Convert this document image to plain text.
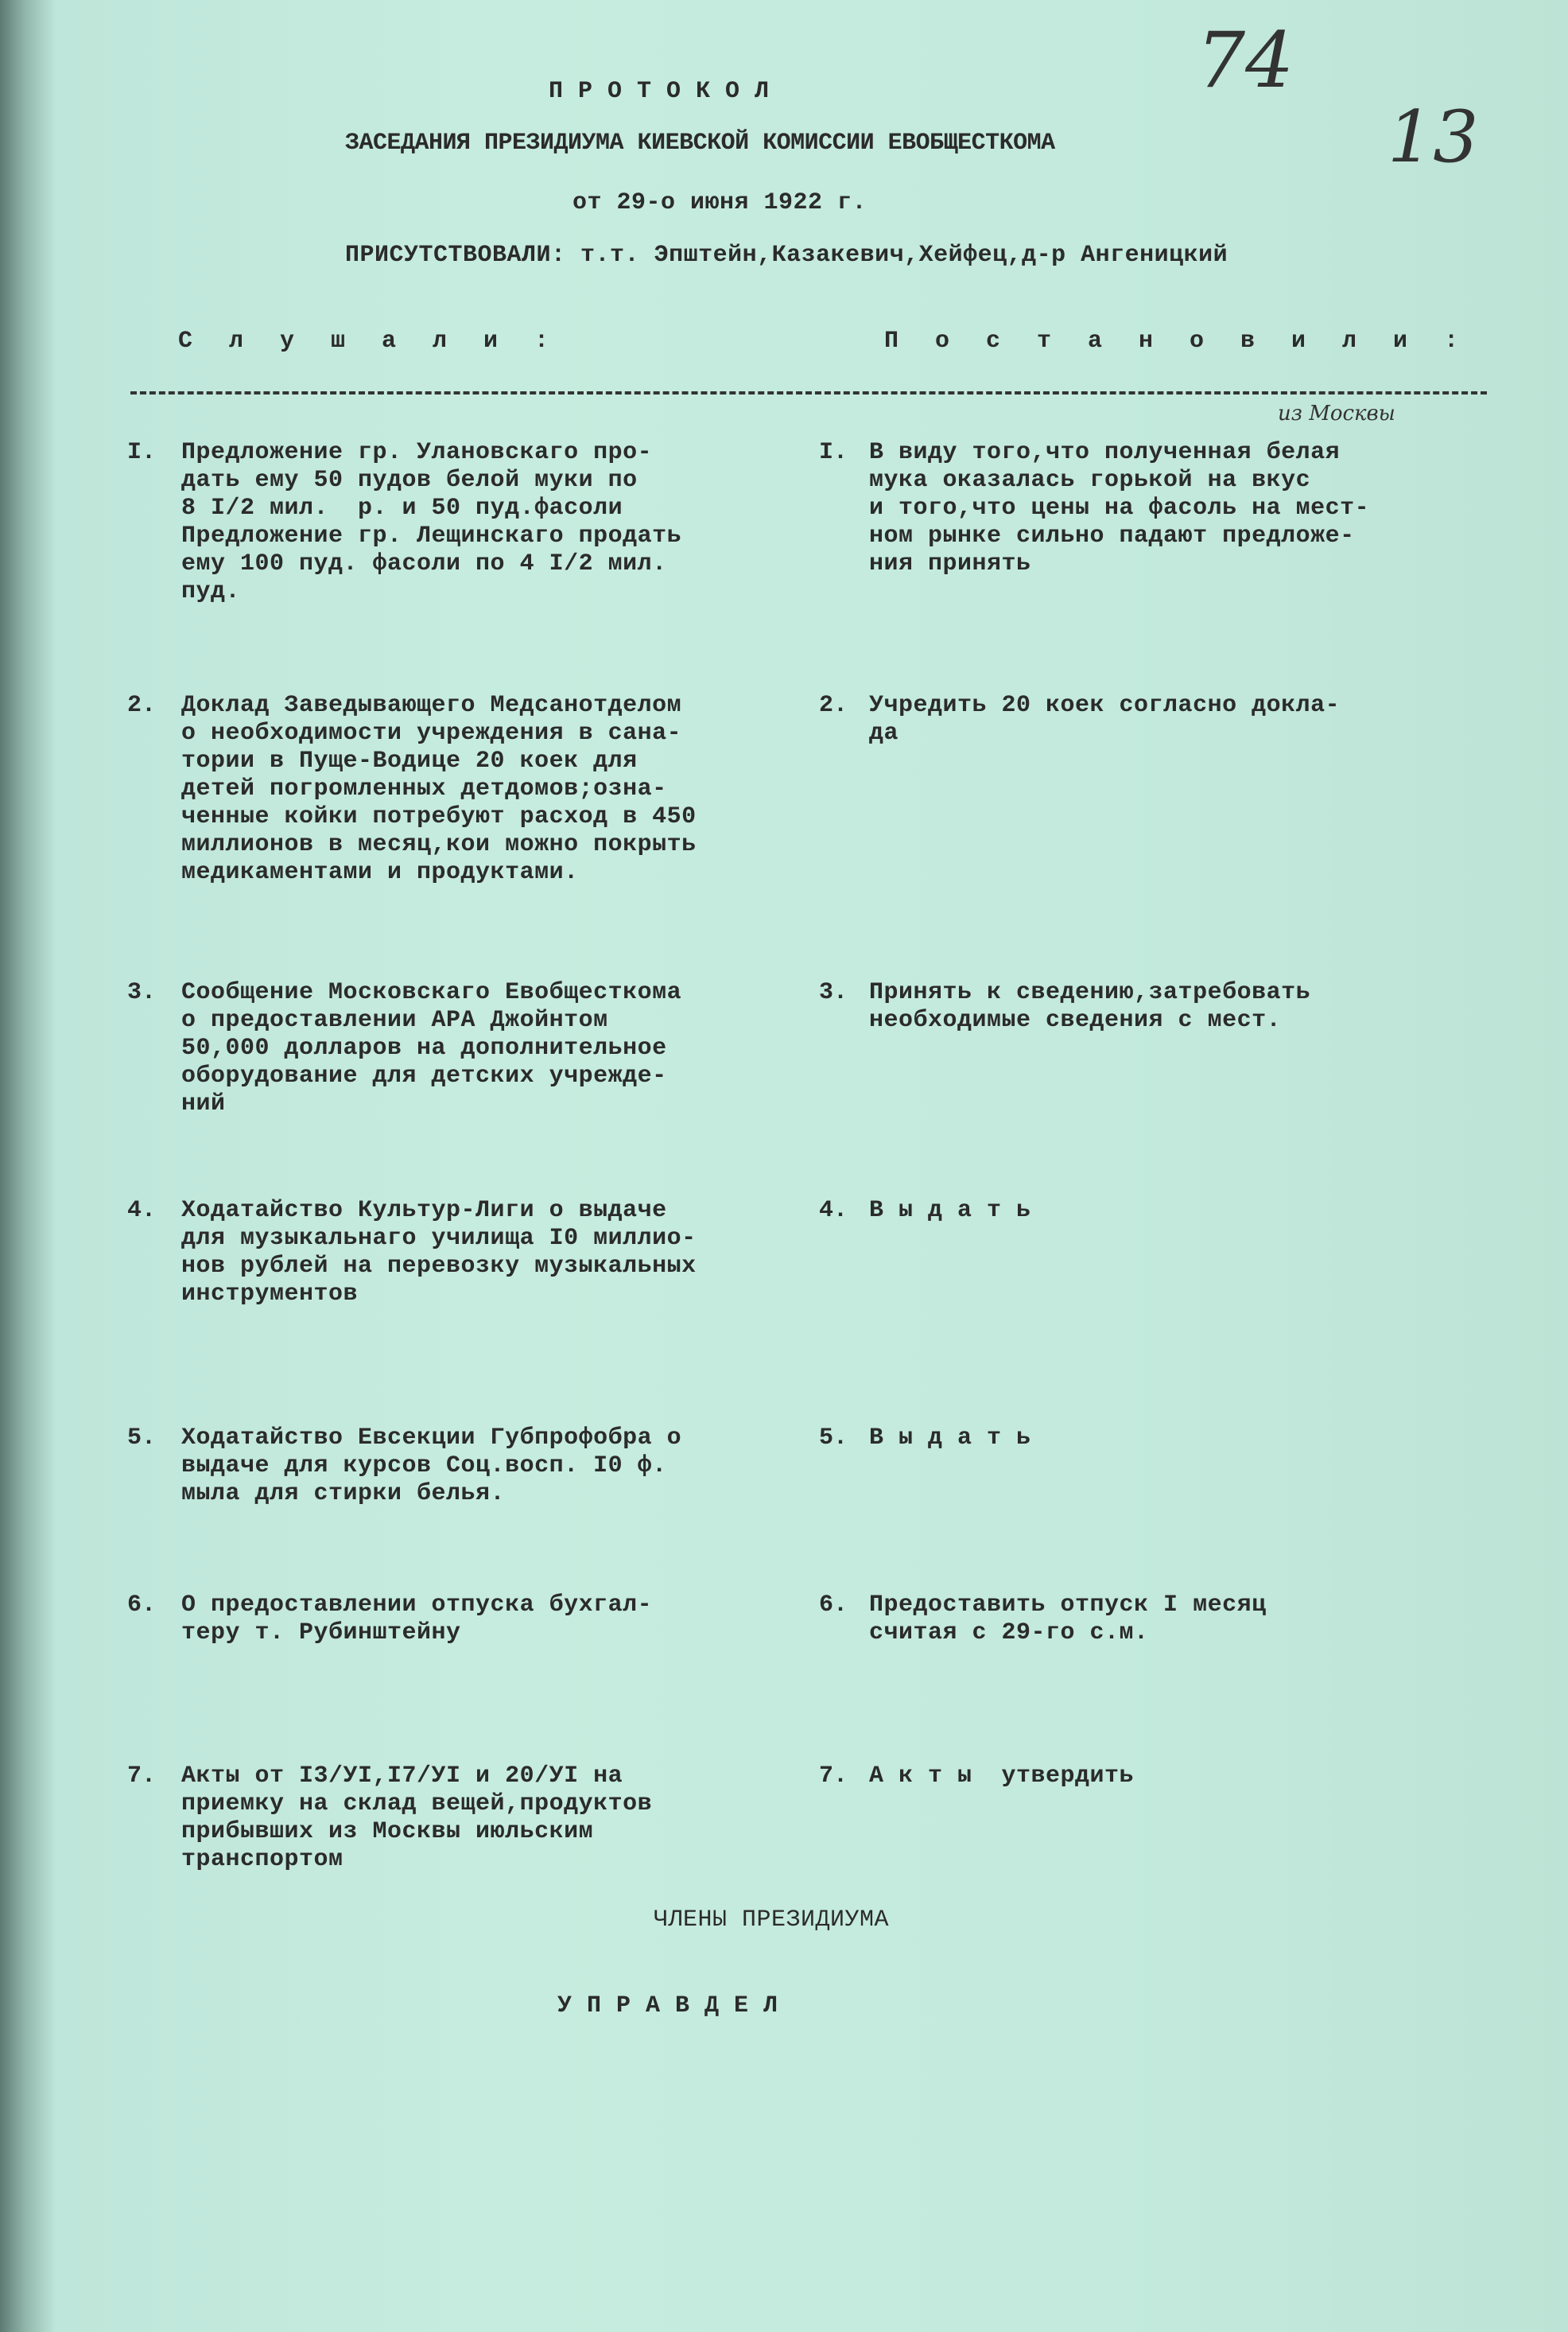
74
13
П Р О Т О К О Л
ЗАСЕДАНИЯ ПРЕЗИДИУМА КИЕВСКОЙ КОМИССИИ ЕВОБЩЕСТКОМА
от 29-о июня 1922 г.
ПРИСУТСТВОВАЛИ: т.т. Эпштейн,Казакевич,Хейфец,д-р Ангеницкий
С л у ш а л и :	П о с т а н о в и л и :
из Москвы
I. Предложение гр. Улановскаго про-
дать ему 50 пудов белой муки по
8 I/2 мил.  р. и 50 пуд.фасоли
Предложение гр. Лещинскаго продать
ему 100 пуд. фасоли по 4 I/2 мил.
пуд.
I. В виду того,что полученная белая
мука оказалась горькой на вкус
и того,что цены на фасоль на мест-
ном рынке сильно падают предложе-
ния принять
2. Доклад Заведывающего Медсанотделом
о необходимости учреждения в сана-
тории в Пуще-Водице 20 коек для
детей погромленных детдомов;озна-
ченные койки потребуют расход в 450
миллионов в месяц,кои можно покрыть
медикаментами и продуктами.
2. Учредить 20 коек согласно докла-
да
3. Сообщение Московскаго Евобщесткома
о предоставлении АРА Джойнтом
50,000 долларов на дополнительное
оборудование для детских учрежде-
ний
3. Принять к сведению,затребовать
необходимые сведения с мест.
4. Ходатайство Культур-Лиги о выдаче
для музыкальнаго училища I0 миллио-
нов рублей на перевозку музыкальных
инструментов
4. В ы д а т ь
5. Ходатайство Евсекции Губпрофобра о
выдаче для курсов Соц.восп. I0 ф.
мыла для стирки белья.
5. В ы д а т ь
6. О предоставлении отпуска бухгал-
теру т. Рубинштейну
6. Предоставить отпуск I месяц
считая с 29-го с.м.
7. Акты от I3/УI,I7/УI и 20/УI на
приемку на склад вещей,продуктов
прибывших из Москвы июльским
транспортом
7. А к т ы  утвердить
ЧЛЕНЫ ПРЕЗИДИУМА
У П Р А В Д Е Л
